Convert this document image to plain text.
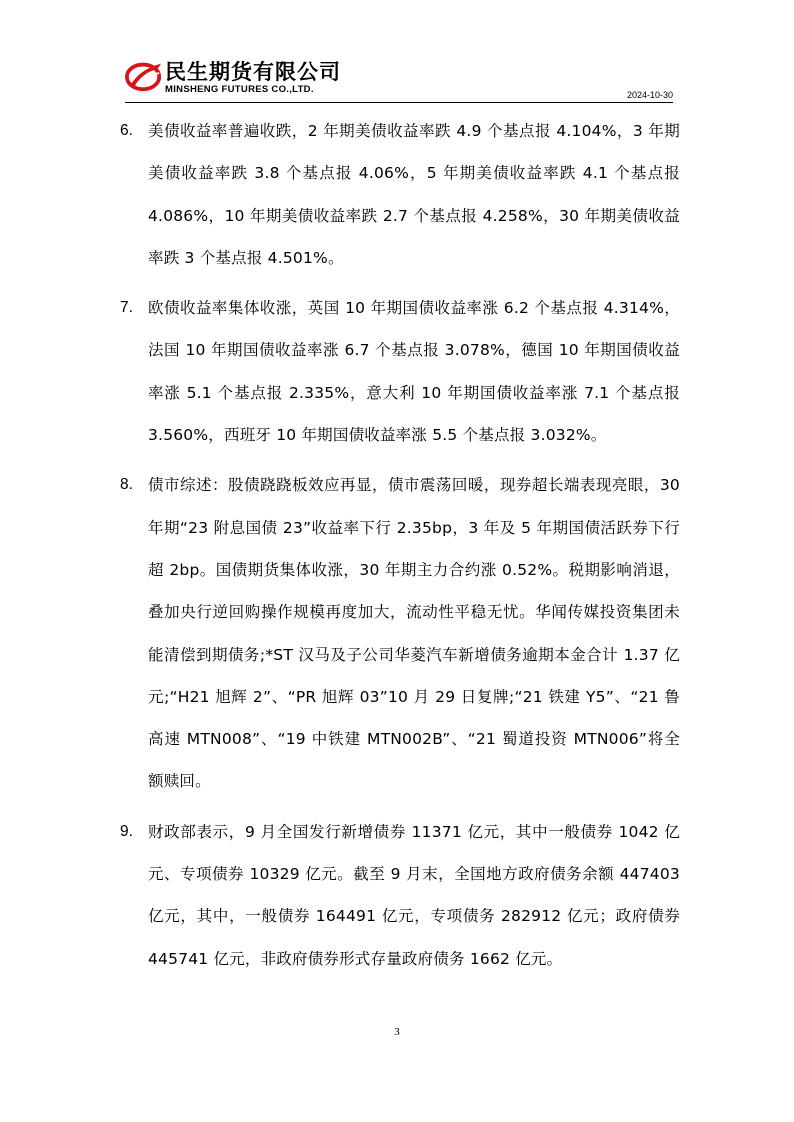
民生期货有限公司
MINSHENG FUTURES CO.,LTD.	2024-10-30
6. 美债收益率普遍收跌，2 年期美债收益率跌 4.9 个基点报 4.104%，3 年期美债收益率跌 3.8 个基点报 4.06%，5 年期美债收益率跌 4.1 个基点报 4.086%，10 年期美债收益率跌 2.7 个基点报 4.258%，30 年期美债收益率跌 3 个基点报 4.501%。
7. 欧债收益率集体收涨，英国 10 年期国债收益率涨 6.2 个基点报 4.314%，法国 10 年期国债收益率涨 6.7 个基点报 3.078%，德国 10 年期国债收益率涨 5.1 个基点报 2.335%，意大利 10 年期国债收益率涨 7.1 个基点报 3.560%，西班牙 10 年期国债收益率涨 5.5 个基点报 3.032%。
8. 债市综述：股债跷跷板效应再显，债市震荡回暖，现券超长端表现亮眼，30 年期“23 附息国债 23”收益率下行 2.35bp，3 年及 5 年期国债活跃券下行超 2bp。国债期货集体收涨，30 年期主力合约涨 0.52%。税期影响消退，叠加央行逆回购操作规模再度加大，流动性平稳无忧。华闻传媒投资集团未能清偿到期债务;*ST 汉马及子公司华菱汽车新增债务逾期本金合计 1.37 亿元;“H21 旭辉 2”、“PR 旭辉 03”10 月 29 日复牌;“21 铁建 Y5”、“21 鲁高速 MTN008”、“19 中铁建 MTN002B”、“21 蜀道投资 MTN006”将全额赎回。
9. 财政部表示，9 月全国发行新增债券 11371 亿元，其中一般债券 1042 亿元、专项债券 10329 亿元。截至 9 月末，全国地方政府债务余额 447403 亿元，其中，一般债券 164491 亿元，专项债务 282912 亿元；政府债券 445741 亿元，非政府债券形式存量政府债务 1662 亿元。
3
